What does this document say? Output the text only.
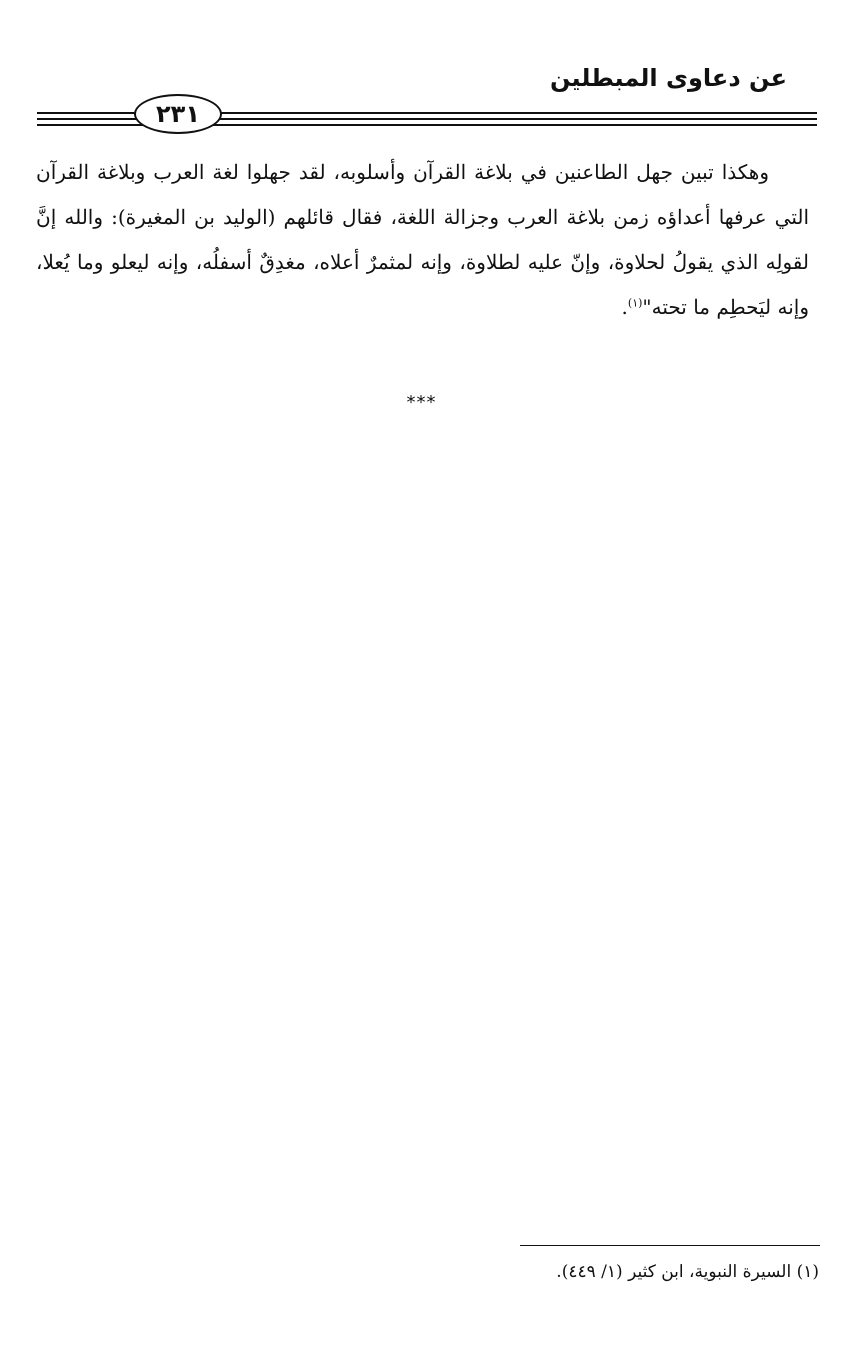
عن دعاوى المبطلين
٢٣١

وهكذا تبين جهل الطاعنين في بلاغة القرآن وأسلوبه، لقد جهلوا لغة العرب وبلاغة القرآن التي عرفها أعداؤه زمن بلاغة العرب وجزالة اللغة، فقال قائلهم (الوليد بن المغيرة): والله إنَّ لقولِه الذي يقولُ لحلاوة، وإنّ عليه لطلاوة، وإنه لمثمرٌ أعلاه، مغدِقٌ أسفلُه، وإنه ليعلو وما يُعلا، وإنه ليَحطِم ما تحته"$^{(١)}$.

***
(١) السيرة النبوية، ابن كثير (١/ ٤٤٩).
